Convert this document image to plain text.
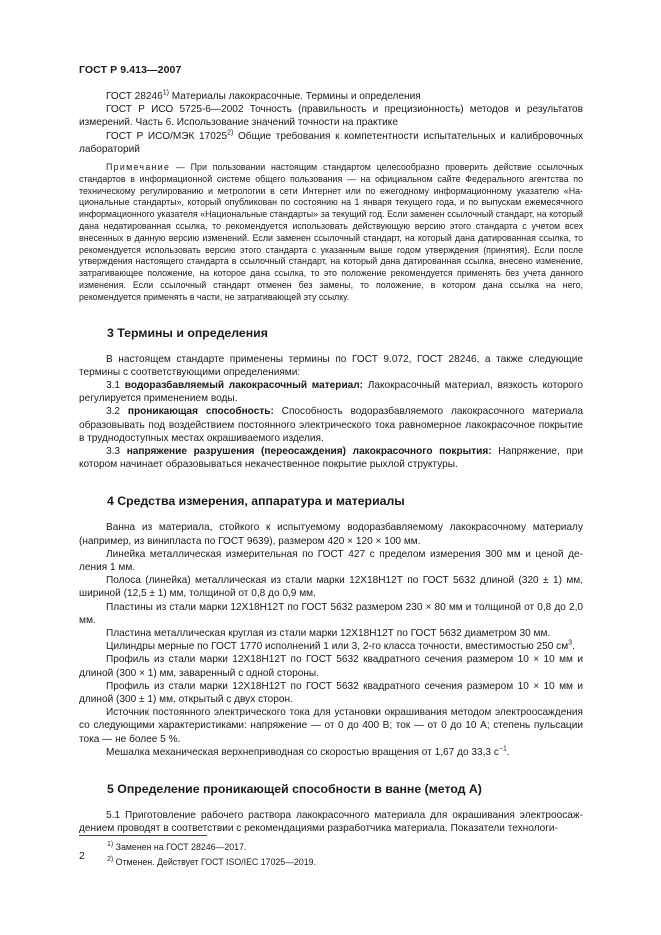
ГОСТ Р 9.413—2007

ГОСТ 28246$^{1)}$ Материалы лакокрасочные. Термины и определения

ГОСТ Р ИСО 5725-6—2002 Точность (правильность и прецизионность) методов и результатов измерений. Часть 6. Использование значений точности на практике

ГОСТ Р ИСО/МЭК 17025$^{2)}$ Общие требования к компетентности испытательных и калибровочных лабораторий

Примечание — При пользовании настоящим стандартом целесообразно проверить действие ссылочных стандартов в информационной системе общего пользования — на официальном сайте Федерального агентства по техническому регулированию и метрологии в сети Интернет или по ежегодному информационному указателю «Национальные стандарты», который опубликован по состоянию на 1 января текущего года, и по выпускам ежемесячного информационного указателя «Национальные стандарты» за текущий год. Если заменен ссылочный стандарт, на который дана недатированная ссылка, то рекомендуется использовать действующую версию этого стандарта с учетом всех внесенных в данную версию изменений. Если заменен ссылочный стандарт, на который дана датированная ссылка, то рекомендуется использовать версию этого стандарта с указанным выше годом утверждения (принятия). Если после утверждения настоящего стандарта в ссылочный стандарт, на который дана датированная ссылка, внесено изменение, затрагивающее положение, на которое дана ссылка, то это положение рекомендуется применять без учета данного изменения. Если ссылочный стандарт отменен без замены, то положение, в котором дана ссылка на него, рекомендуется применять в части, не затрагивающей эту ссылку.

3 Термины и определения

В настоящем стандарте применены термины по ГОСТ 9.072, ГОСТ 28246, а также следующие термины с соответствующими определениями:

3.1 водоразбавляемый лакокрасочный материал: Лакокрасочный материал, вязкость которого регулируется применением воды.

3.2 проникающая способность: Способность водоразбавляемого лакокрасочного материала образовывать под воздействием постоянного электрического тока равномерное лакокрасочное покрытие в труднодоступных местах окрашиваемого изделия.

3.3 напряжение разрушения (переосаждения) лакокрасочного покрытия: Напряжение, при котором начинает образовываться некачественное покрытие рыхлой структуры.

4 Средства измерения, аппаратура и материалы

Ванна из материала, стойкого к испытуемому водоразбавляемому лакокрасочному материалу (например, из винипласта по ГОСТ 9639), размером 420 × 120 × 100 мм.

Линейка металлическая измерительная по ГОСТ 427 с пределом измерения 300 мм и ценой деления 1 мм.

Полоса (линейка) металлическая из стали марки 12Х18Н12Т по ГОСТ 5632 длиной (320 ± 1) мм, шириной (12,5 ± 1) мм, толщиной от 0,8 до 0,9 мм.

Пластины из стали марки 12Х18Н12Т по ГОСТ 5632 размером 230 × 80 мм и толщиной от 0,8 до 2,0 мм.

Пластина металлическая круглая из стали марки 12Х18Н12Т по ГОСТ 5632 диаметром 30 мм.

Цилиндры мерные по ГОСТ 1770 исполнений 1 или 3, 2-го класса точности, вместимостью 250 $см^3$.

Профиль из стали марки 12Х18Н12Т по ГОСТ 5632 квадратного сечения размером 10 × 10 мм и длиной (300 × 1) мм, заваренный с одной стороны.

Профиль из стали марки 12Х18Н12Т по ГОСТ 5632 квадратного сечения размером 10 × 10 мм и длиной (300 ± 1) мм, открытый с двух сторон.

Источник постоянного электрического тока для установки окрашивания методом электроосаждения со следующими характеристиками: напряжение — от 0 до 400 В; ток — от 0 до 10 А; степень пульсации тока — не более 5 %.

Мешалка механическая верхнеприводная со скоростью вращения от 1,67 до 33,3 $с^{-1}$.

5 Определение проникающей способности в ванне (метод А)

5.1 Приготовление рабочего раствора лакокрасочного материала для окрашивания электроосаждением проводят в соответствии с рекомендациями разработчика материала. Показатели технологи-

$^{1)}$ Заменен на ГОСТ 28246—2017.

$^{2)}$ Отменен. Действует ГОСТ ISO/IEC 17025—2019.

2
